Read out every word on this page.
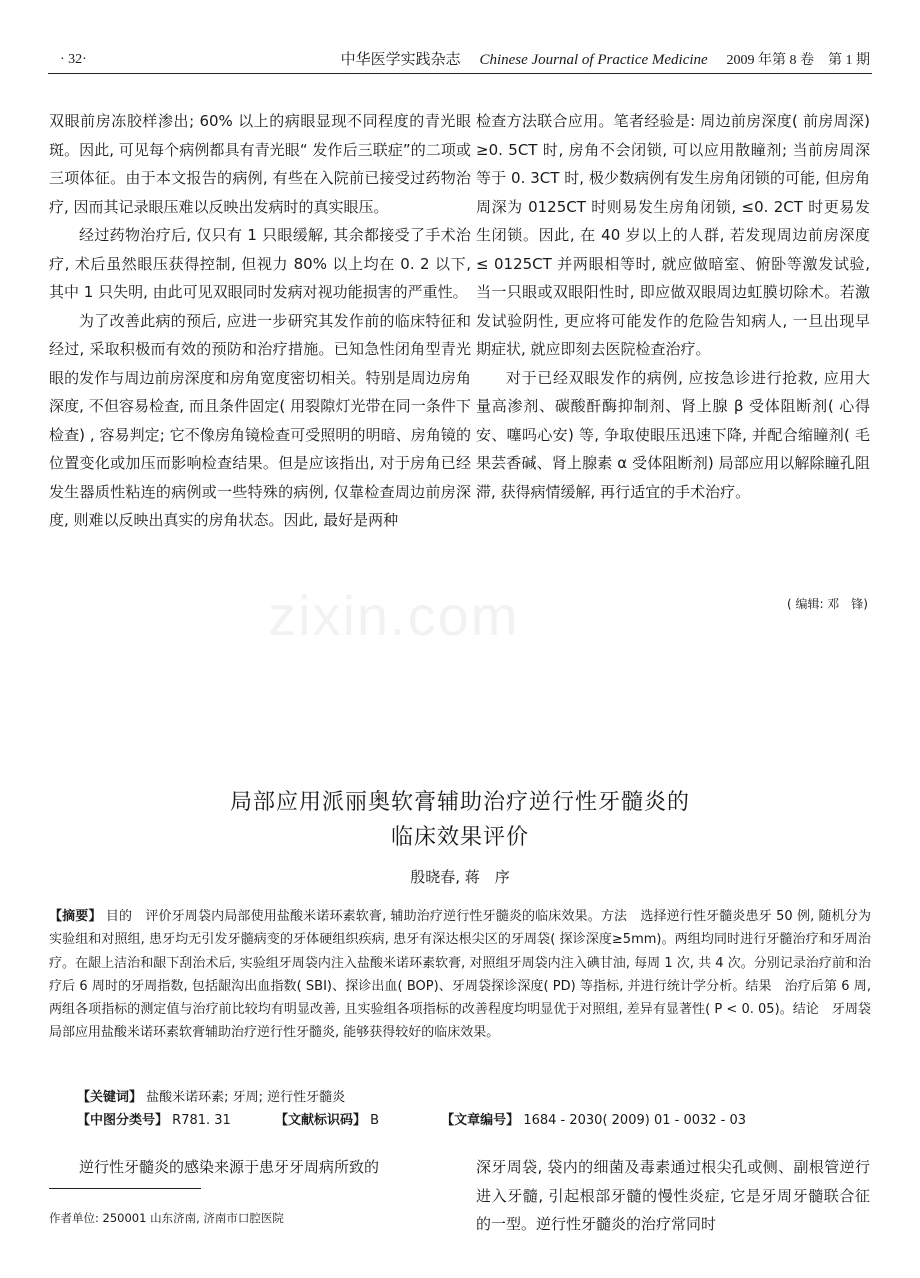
· 32·	中华医学实践杂志 Chinese Journal of Practice Medicine 2009 年第 8 卷　第 1 期

双眼前房冻胶样渗出; 60% 以上的病眼显现不同程度的青光眼斑。因此, 可见每个病例都具有青光眼“ 发作后三联症”的二项或三项体征。由于本文报告的病例, 有些在入院前已接受过药物治疗, 因而其记录眼压难以反映出发病时的真实眼压。

经过药物治疗后, 仅只有 1 只眼缓解, 其余都接受了手术治疗, 术后虽然眼压获得控制, 但视力 80% 以上均在 0. 2 以下, 其中 1 只失明, 由此可见双眼同时发病对视功能损害的严重性。

为了改善此病的预后, 应进一步研究其发作前的临床特征和经过, 采取积极而有效的预防和治疗措施。已知急性闭角型青光眼的发作与周边前房深度和房角宽度密切相关。特别是周边房角深度, 不但容易检查, 而且条件固定( 用裂隙灯光带在同一条件下检查) , 容易判定; 它不像房角镜检查可受照明的明暗、房角镜的位置变化或加压而影响检查结果。但是应该指出, 对于房角已经发生器质性粘连的病例或一些特殊的病例, 仅靠检查周边前房深度, 则难以反映出真实的房角状态。因此, 最好是两种

检查方法联合应用。笔者经验是: 周边前房深度( 前房周深) ≥0. 5CT 时, 房角不会闭锁, 可以应用散瞳剂; 当前房周深等于 0. 3CT 时, 极少数病例有发生房角闭锁的可能, 但房角周深为 0125CT 时则易发生房角闭锁, ≤0. 2CT 时更易发生闭锁。因此, 在 40 岁以上的人群, 若发现周边前房深度 ≤ 0125CT 并两眼相等时, 就应做暗室、俯卧等激发试验, 当一只眼或双眼阳性时, 即应做双眼周边虹膜切除术。若激发试验阴性, 更应将可能发作的危险告知病人, 一旦出现早期症状, 就应即刻去医院检查治疗。

对于已经双眼发作的病例, 应按急诊进行抢救, 应用大量高渗剂、碳酸酐酶抑制剂、肾上腺 β 受体阻断剂( 心得安、噻吗心安) 等, 争取使眼压迅速下降, 并配合缩瞳剂( 毛果芸香碱、肾上腺素 α 受体阻断剂) 局部应用以解除瞳孔阻滞, 获得病情缓解, 再行适宜的手术治疗。

( 编辑: 邓　锋)
zixin.com
局部应用派丽奥软膏辅助治疗逆行性牙髓炎的
临床效果评价
殷晓春, 蒋　序
【摘要】 目的　评价牙周袋内局部使用盐酸米诺环素软膏, 辅助治疗逆行性牙髓炎的临床效果。方法　选择逆行性牙髓炎患牙 50 例, 随机分为实验组和对照组, 患牙均无引发牙髓病变的牙体硬组织疾病, 患牙有深达根尖区的牙周袋( 探诊深度≥5mm)。两组均同时进行牙髓治疗和牙周治疗。在龈上洁治和龈下刮治术后, 实验组牙周袋内注入盐酸米诺环素软膏, 对照组牙周袋内注入碘甘油, 每周 1 次, 共 4 次。分别记录治疗前和治疗后 6 周时的牙周指数, 包括龈沟出血指数( SBI)、探诊出血( BOP)、牙周袋探诊深度( PD) 等指标, 并进行统计学分析。结果　治疗后第 6 周, 两组各项指标的测定值与治疗前比较均有明显改善, 且实验组各项指标的改善程度均明显优于对照组, 差异有显著性( P < 0. 05)。结论　牙周袋局部应用盐酸米诺环素软膏辅助治疗逆行性牙髓炎, 能够获得较好的临床效果。
【关键词】 盐酸米诺环素; 牙周; 逆行性牙髓炎
【中图分类号】 R781. 31	【文献标识码】 B	【文章编号】 1684 - 2030( 2009) 01 - 0032 - 03
逆行性牙髓炎的感染来源于患牙牙周病所致的
作者单位: 250001 山东济南, 济南市口腔医院
深牙周袋, 袋内的细菌及毒素通过根尖孔或侧、副根管逆行进入牙髓, 引起根部牙髓的慢性炎症, 它是牙周牙髓联合征的一型。逆行性牙髓炎的治疗常同时
